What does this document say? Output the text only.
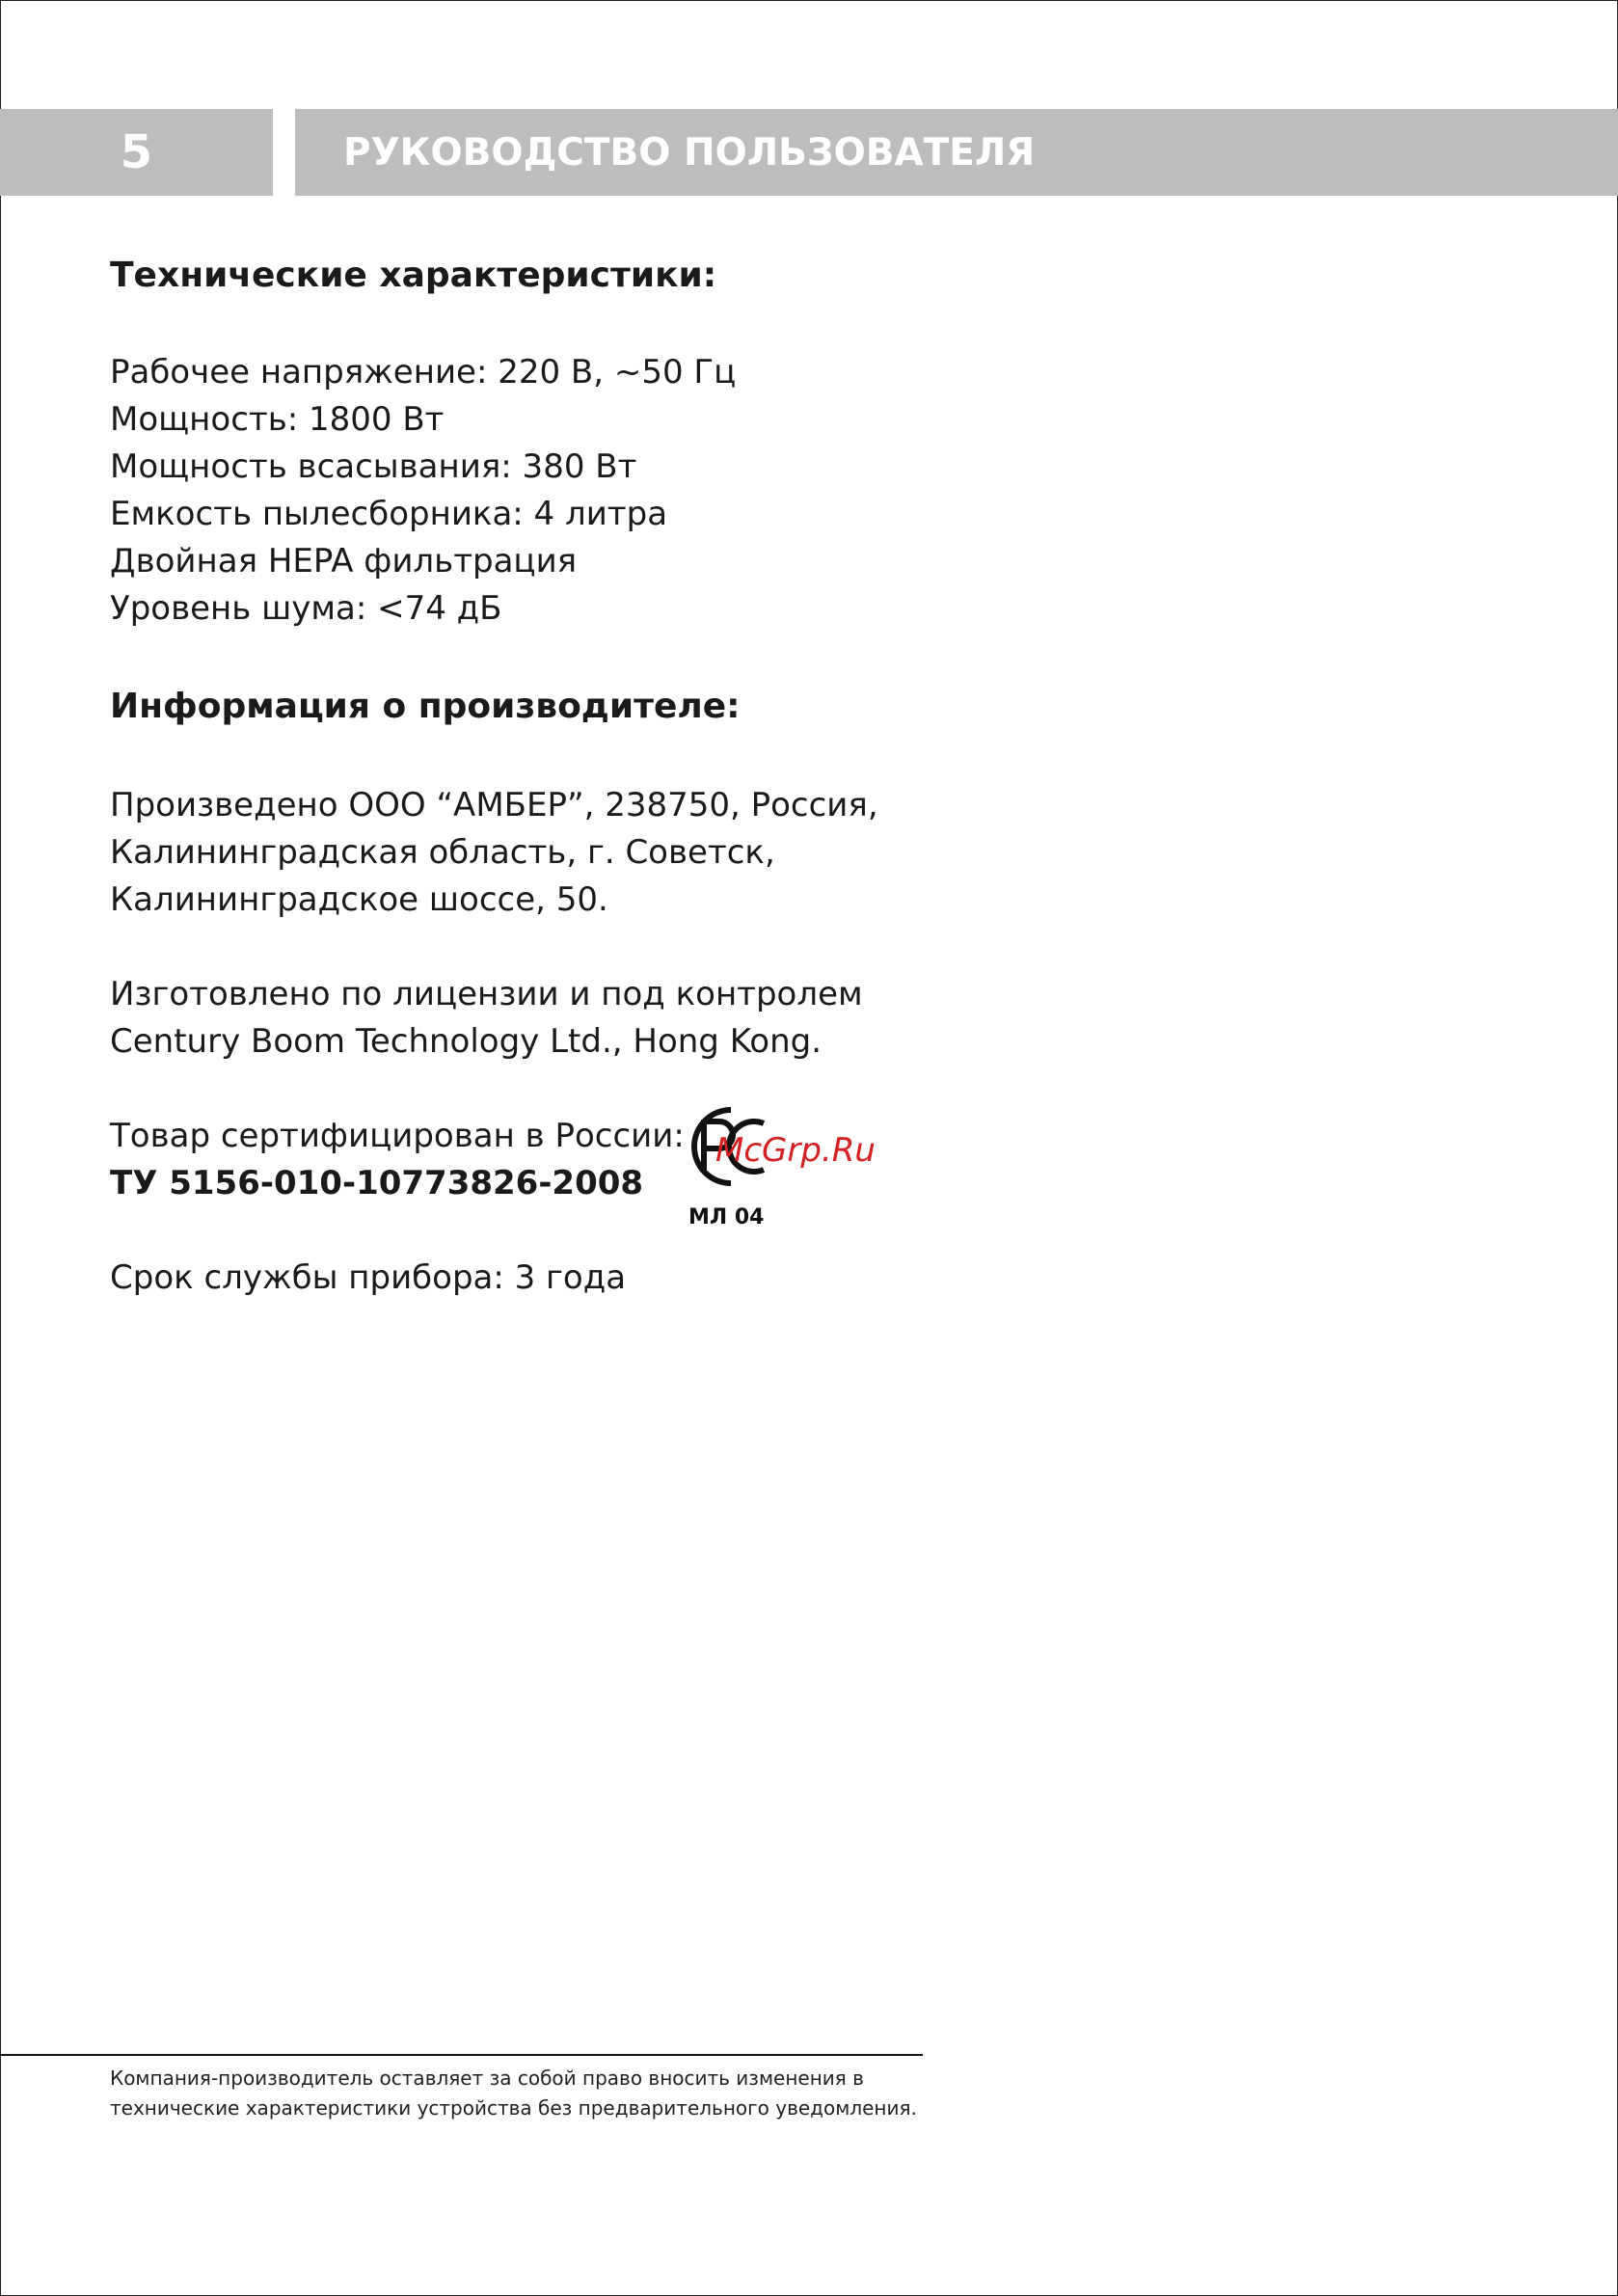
5	РУКОВОДСТВО ПОЛЬЗОВАТЕЛЯ
Технические характеристики:
Рабочее напряжение: 220 В, ~50 Гц
Мощность: 1800 Вт
Мощность всасывания: 380 Вт
Емкость пылесборника: 4 литра
Двойная HEPA фильтрация
Уровень шума: <74 дБ
Информация о производителе:
Произведено ООО “АМБЕР”, 238750, Россия,
Калининградская область, г. Советск,
Калининградское шоссе, 50.
Изготовлено по лицензии и под контролем
Century Boom Technology Ltd., Hong Kong.
Товар сертифицирован в России:
ТУ 5156-010-10773826-2008
McGrp.Ru
МЛ 04
Срок службы прибора: 3 года
Компания-производитель оставляет за собой право вносить изменения в
технические характеристики устройства без предварительного уведомления.
